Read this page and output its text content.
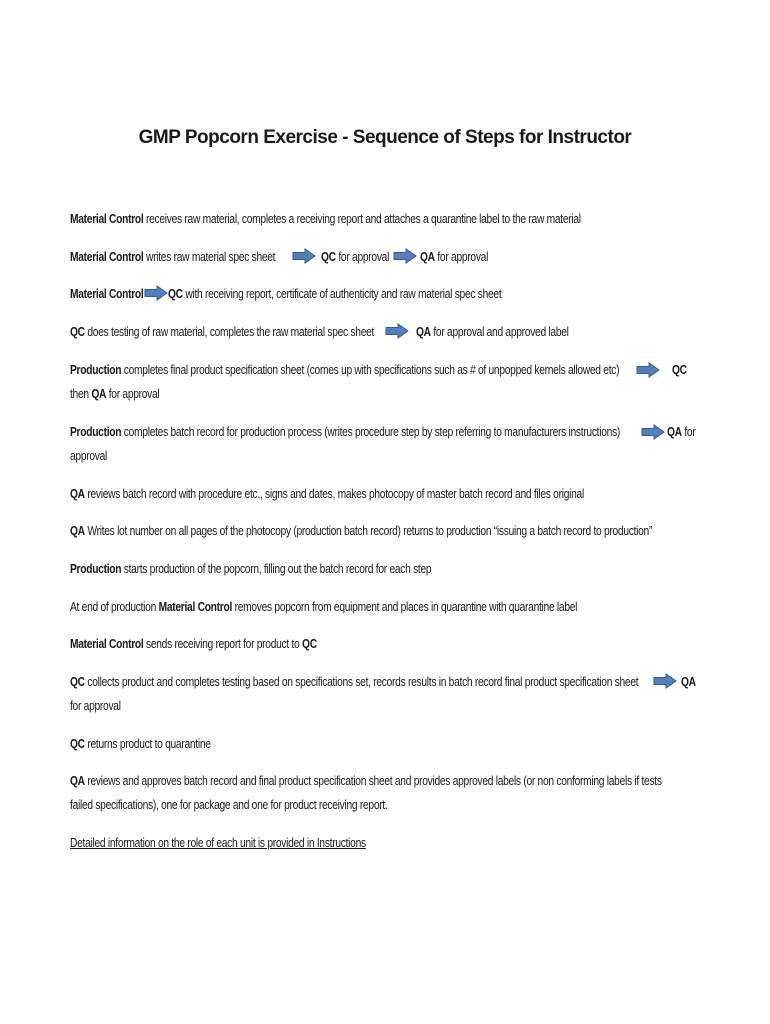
GMP Popcorn Exercise - Sequence of Steps for Instructor
Material Control receives raw material, completes a receiving report and attaches a quarantine label to the raw material
Material Control writes raw material spec sheet	QC for approval QA for approval
Material Control QC with receiving report, certificate of authenticity and raw material spec sheet
QC does testing of raw material, completes the raw material spec sheet	QA for approval and approved label
Production completes final product specification sheet (comes up with specifications such as # of unpopped kernels allowed etc)	QC
then QA for approval
Production completes batch record for production process (writes procedure step by step referring to manufacturers instructions)	QA for
approval
QA reviews batch record with procedure etc., signs and dates, makes photocopy of master batch record and files original
QA Writes lot number on all pages of the photocopy (production batch record) returns to production “issuing a batch record to production”
Production starts production of the popcorn, filling out the batch record for each step
At end of production Material Control removes popcorn from equipment and places in quarantine with quarantine label
Material Control sends receiving report for product to QC
QC collects product and completes testing based on specifications set, records results in batch record final product specification sheet	QA
for approval
QC returns product to quarantine
QA reviews and approves batch record and final product specification sheet and provides approved labels (or non conforming labels if tests
failed specifications), one for package and one for product receiving report.
Detailed information on the role of each unit is provided in Instructions
